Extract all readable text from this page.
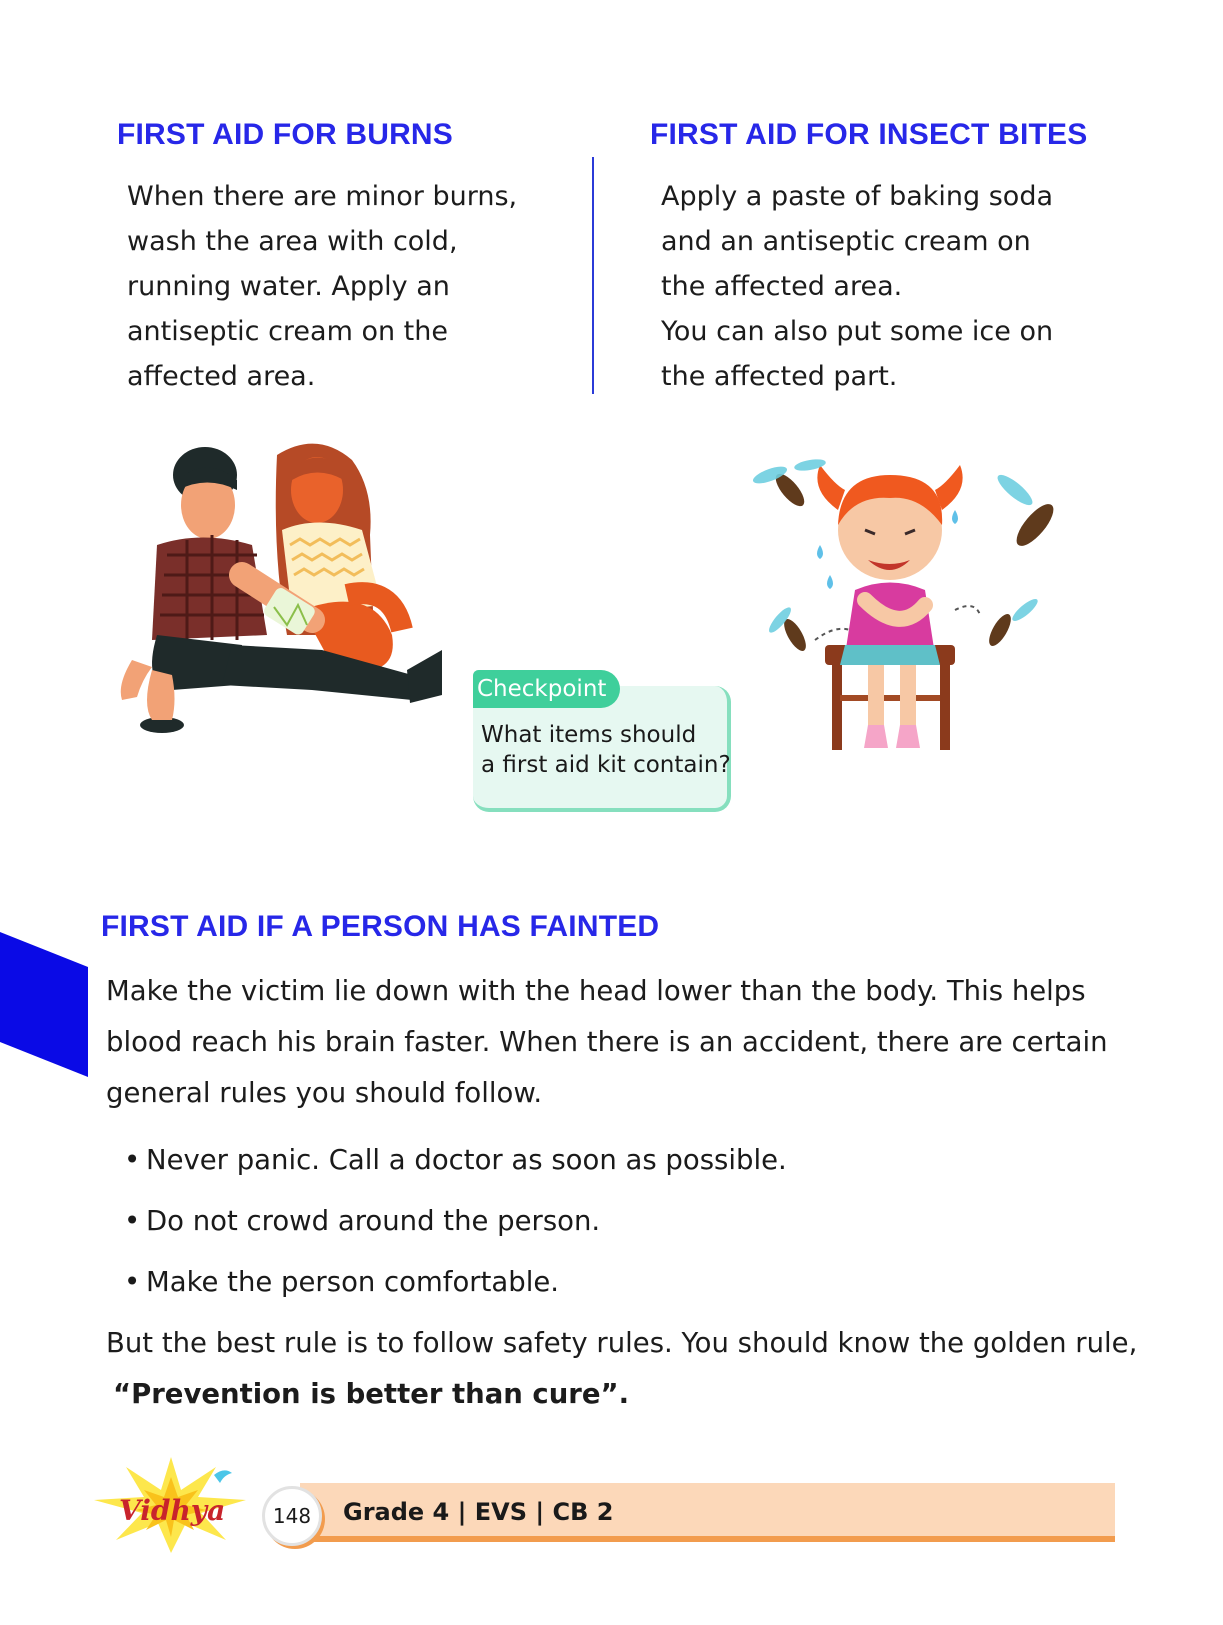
FIRST AID FOR BURNS
When there are minor burns,
wash the area with cold,
running water. Apply an
antiseptic cream on the
affected area.
FIRST AID FOR INSECT BITES
Apply a paste of baking soda
and an antiseptic cream on
the affected area.
You can also put some ice on
the affected part.
Checkpoint
What items should
a first aid kit contain?
FIRST AID IF A PERSON HAS FAINTED
Make the victim lie down with the head lower than the body. This helps
blood reach his brain faster. When there is an accident, there are certain
general rules you should follow.
• Never panic. Call a doctor as soon as possible.
• Do not crowd around the person.
• Make the person comfortable.
But the best rule is to follow safety rules. You should know the golden rule,
“Prevention is better than cure”.
Grade 4 | EVS | CB 2
148
Vidhya
